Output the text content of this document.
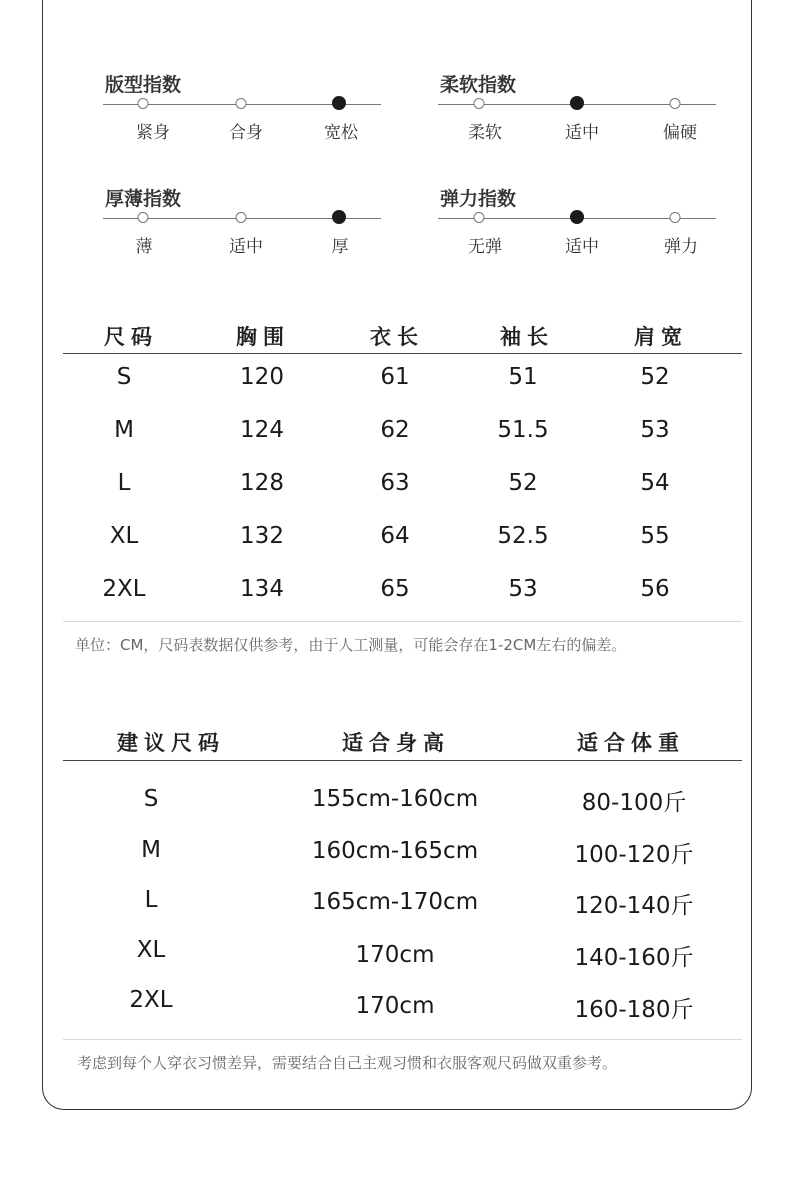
版型指数
紧身	合身	宽松
柔软指数
柔软	适中	偏硬
厚薄指数
薄	适中	厚
弹力指数
无弹	适中	弹力
尺码	胸围	衣长	袖长	肩宽
S	120	61	51	52
M	124	62	51.5	53
L	128	63	52	54
XL	132	64	52.5	55
2XL	134	65	53	56
单位：CM，尺码表数据仅供参考，由于人工测量，可能会存在1-2CM左右的偏差。
建议尺码	适合身高	适合体重
S	155cm-160cm	80-100斤
M	160cm-165cm	100-120斤
L	165cm-170cm	120-140斤
XL	170cm	140-160斤
2XL	170cm	160-180斤
考虑到每个人穿衣习惯差异，需要结合自己主观习惯和衣服客观尺码做双重参考。
